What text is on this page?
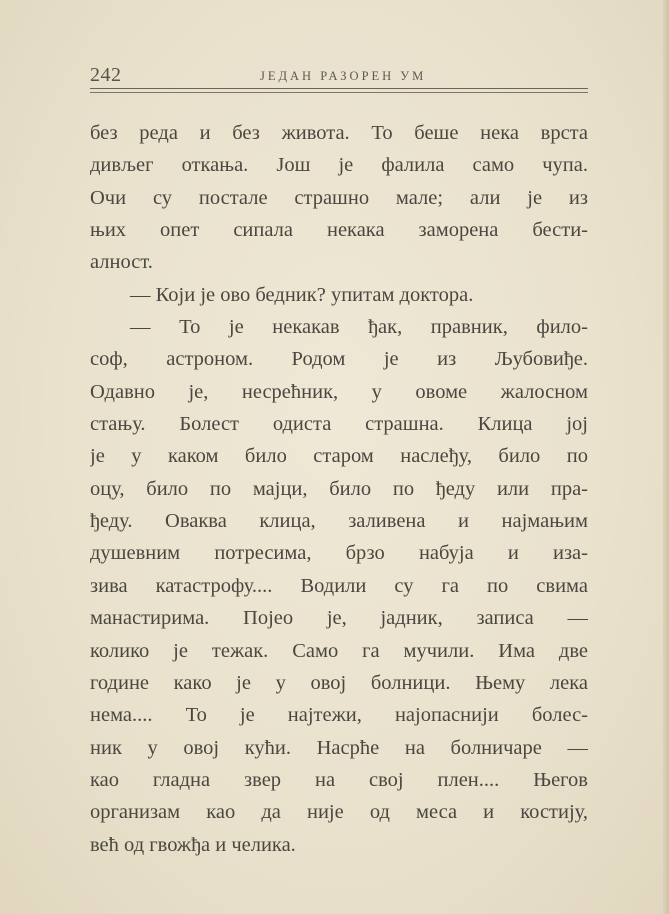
242	ЈЕДАН РАЗОРЕН УМ
без реда и без живота. То беше нека врста
дивљег откања. Још је фалила само чупа.
Очи су постале страшно мале; али је из
њих опет сипала некака заморена бести-
алност.
— Који је ово бедник? упитам доктора.
— То је некакав ђак, правник, фило-
соф, астроном. Родом је из Љубовиђе.
Одавно је, несрећник, у овоме жалосном
стању. Болест одиста страшна. Клица јој
је у каком било старом наслеђу, било по
оцу, било по мајци, било по ђеду или пра-
ђеду. Оваква клица, заливена и најмањим
душевним потресима, брзо набуја и иза-
зива катастрофу.... Водили су га по свима
манастирима. Појео је, јадник, записа —
колико је тежак. Само га мучили. Има две
године како је у овој болници. Њему лека
нема.... То је најтежи, најопаснији болес-
ник у овој кући. Насрће на болничаре —
као гладна звер на свој плен.... Његов
организам као да није од меса и костију,
већ од гвожђа и челика.
